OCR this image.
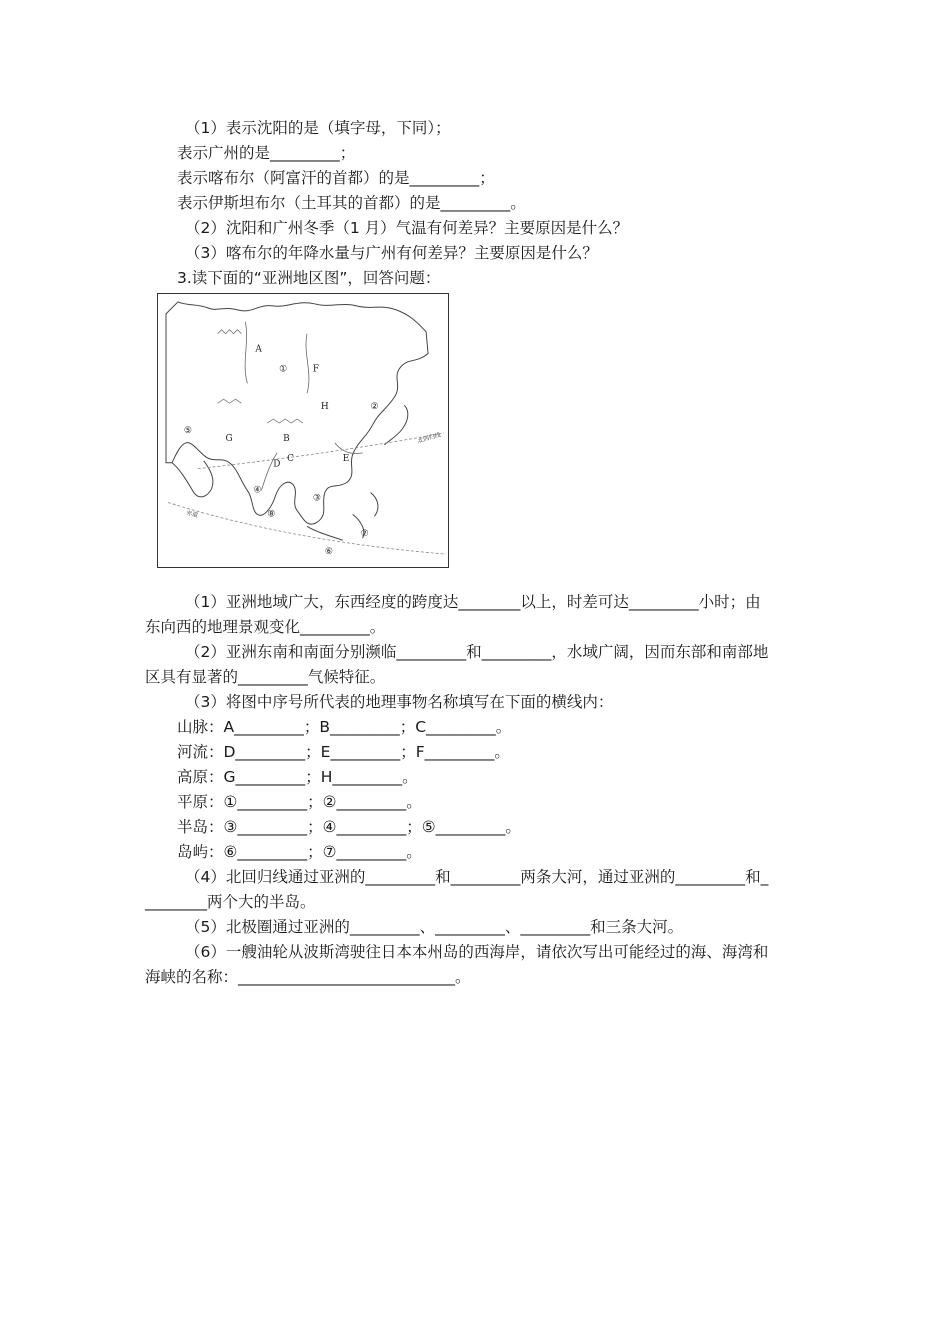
（1）表示沈阳的是（填字母，下同）；
表示广州的是_________；
表示喀布尔（阿富汗的首都）的是_________；
表示伊斯坦布尔（土耳其的首都）的是_________。
（2）沈阳和广州冬季（1 月）气温有何差异？主要原因是什么？
（3）喀布尔的年降水量与广州有何差异？主要原因是什么？
3.读下面的“亚洲地区图”，回答问题：
北回归线
赤道
A
B
C
D
E
F
G
H
①
②
③
④
⑤
⑥
⑦
⑧
（1）亚洲地域广大，东西经度的跨度达________以上，时差可达_________小时；由
东向西的地理景观变化_________。
（2）亚洲东南和南面分别濒临_________和_________，水域广阔，因而东部和南部地
区具有显著的_________气候特征。
（3）将图中序号所代表的地理事物名称填写在下面的横线内：
山脉：A_________；B_________；C_________。
河流：D_________；E_________；F_________。
高原：G_________；H_________。
平原：①_________；②_________。
半岛：③_________；④_________；⑤_________。
岛屿：⑥_________；⑦_________。
（4）北回归线通过亚洲的_________和_________两条大河，通过亚洲的_________和_
________两个大的半岛。
（5）北极圈通过亚洲的_________、_________、_________和三条大河。
（6）一艘油轮从波斯湾驶往日本本州岛的西海岸，请依次写出可能经过的海、海湾和
海峡的名称：____________________________。
